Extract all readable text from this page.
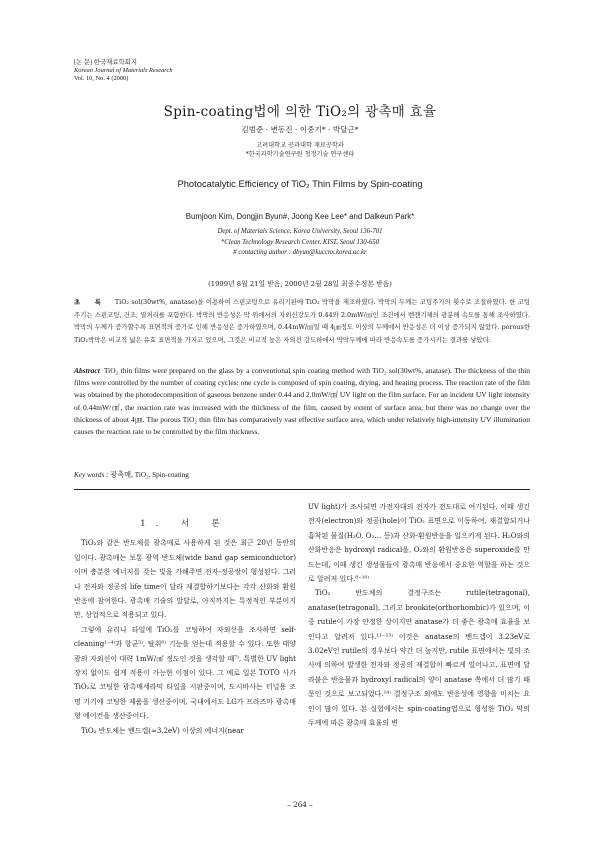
[논 문] 한국재료학회지
Korean Journal of Materials Research
Vol. 10, No. 4 (2000)
Spin-coating법에 의한 TiO₂의 광촉매 효율
김범준 · 변동진 · 이중기* · 박달근*
고려대학교 공과대학 재료공학과
*한국과학기술연구원 청정기술 연구센타
Photocatalytic Efficiency of TiO₂ Thin Films by Spin-coating
Bumjoon Kim, Dongjin Byun#, Joong Kee Lee* and Dalkeun Park*
Dept. of Materials Science, Korea University, Seoul 136-701
*Clean Technology Research Center, KIST, Seoul 130-650
# contacting author : dbyun@kuccnx.korea.ac.kr
(1999년 8월 21일 받음, 2000년 2월 28일 최종수정본 받음)
초 록 TiO₂ sol(30wt%, anatase)을 이용하여 스핀코팅으로 유리기판에 TiO₂ 박막을 제조하였다. 박막의 두께는 코팅주기의 횟수로 조절하였다. 한 코팅주기는 스핀코팅, 건조, 열처리를 포함한다. 박막의 반응성은 막 위에서의 자외선강도가 0.44와 2.0mW/㎠인 조건에서 벤젠기체의 광분해 속도를 통해 조사하였다. 박막의 두께가 증가할수록 표면적의 증가로 인해 반응성은 증가하였으며, 0.44mW/㎠일 때 4㎛정도 이상의 두께에서 반응성은 더 이상 증가되지 않았다. porous한 TiO₂박막은 비교적 넓은 유효 표면적을 가지고 있으며, 그것은 비교적 높은 자외선 강도하에서 박막두께에 따라 반응속도를 증가시키는 결과를 낳았다.
Abstract TiO₂ thin films were prepared on the glass by a conventional spin coating method with TiO₂ sol(30wt%, anatase). The thickness of the thin films were controlled by the number of coating cycles: one cycle is composed of spin coating, drying, and heating process. The reaction rate of the film was obtained by the photodecomposition of gaseous benzene under 0.44 and 2.0mW/㎠ UV light on the film surface. For an incident UV light intensity of 0.44mW/㎠, the reaction rate was increased with the thickness of the film, caused by extent of surface area, but there was no change over the thickness of about 4㎛. The porous TiO₂ thin film has comparatively vast effective surface area, which under relatively high-intensity UV illumination causes the reaction rate to be controlled by the film thickness.
Key words : 광촉매, TiO₂, Spin-coating
1. 서 론

TiO₂와 같은 반도체를 광촉매로 사용하게 된 것은 최근 20년 동안의 일이다. 광촉매는 보통 광역 반도체(wide band gap semiconductor)이며 충분한 에너지를 갖는 빛을 가해주면 전자-정공쌍이 형성된다. 그러나 전자와 정공의 life time이 달라 재결합하기보다는 각각 산화와 환원 반응에 참여한다. 광촉매 기술의 발달로, 아직까지는 특정적인 부분이지만, 상업적으로 적용되고 있다.

그렇에 유리나 타일에 TiO₂를 코팅하여 자외선을 조사하면 self-cleaning¹⁻⁴⁾과 항균⁵⁾, 탈취⁶⁾ 기능을 얻는데 적용할 수 있다. 또한 태양광의 자외선이 대략 1mW/㎠ 정도인 것을 생각할 때⁷⁾, 특별한 UV light 장치 없이도 쉽게 적용이 가능한 이점이 있다. 그 예로 일본 TOTO 사가 TiO₂로 코팅한 광촉매세라믹 타일을 시판중이며, 도시바사는 터널용 조명 기기에 코팅한 제품을 생산중이며, 국내에서도 LG가 프라즈마 광촉매형 에어컨을 생산중이다.

TiO₂ 반도체는 밴드갭(≈3.2eV) 이상의 에너지(near

UV light)가 조사되면 가전자대의 전자가 전도대로 여기된다. 이때 생긴 전자(electron)와 정공(hole)이 TiO₂ 표면으로 이동하여, 재결합되거나 흡착된 물질(H₂O, O₂… 등)과 산화-환원반응을 일으키게 된다. H₂O와의 산화반응은 hydroxyl radical을, O₂와의 환원반응은 superoxide를 만드는데, 이때 생긴 생성물들이 광촉매 반응에서 중요한 역할을 하는 것으로 알려져 있다.⁸⁻¹⁰⁾

TiO₂ 반도체의 결정구조는 rutile(tetragonal), anatase(tetragonal), 그리고 brookite(orthorhombic)가 있으며, 이중 rutile이 가장 안정한 상이지만 anatase가 더 좋은 광촉매 효율을 보인다고 알려져 있다.¹¹⁻¹³⁾ 이것은 anatase의 밴드갭이 3.23eV로 3.02eV인 rutile의 경우보다 약간 더 높지만, rutile 표면에서는 빛의 조사에 의하여 발생한 전자와 정공의 재결합이 빠르게 일어나고, 표면에 달라붙은 반응물과 hydroxyl radical의 양이 anatase 쪽에서 더 많기 때문인 것으로 보고되었다.¹⁴⁾ 결정구조 외에도 반응성에 영향을 미치는 요인이 많이 있다. 본 실험에서는 spin-coating법으로 형성한 TiO₂ 막의 두께에 따른 광촉매 효율의 변

– 264 –
